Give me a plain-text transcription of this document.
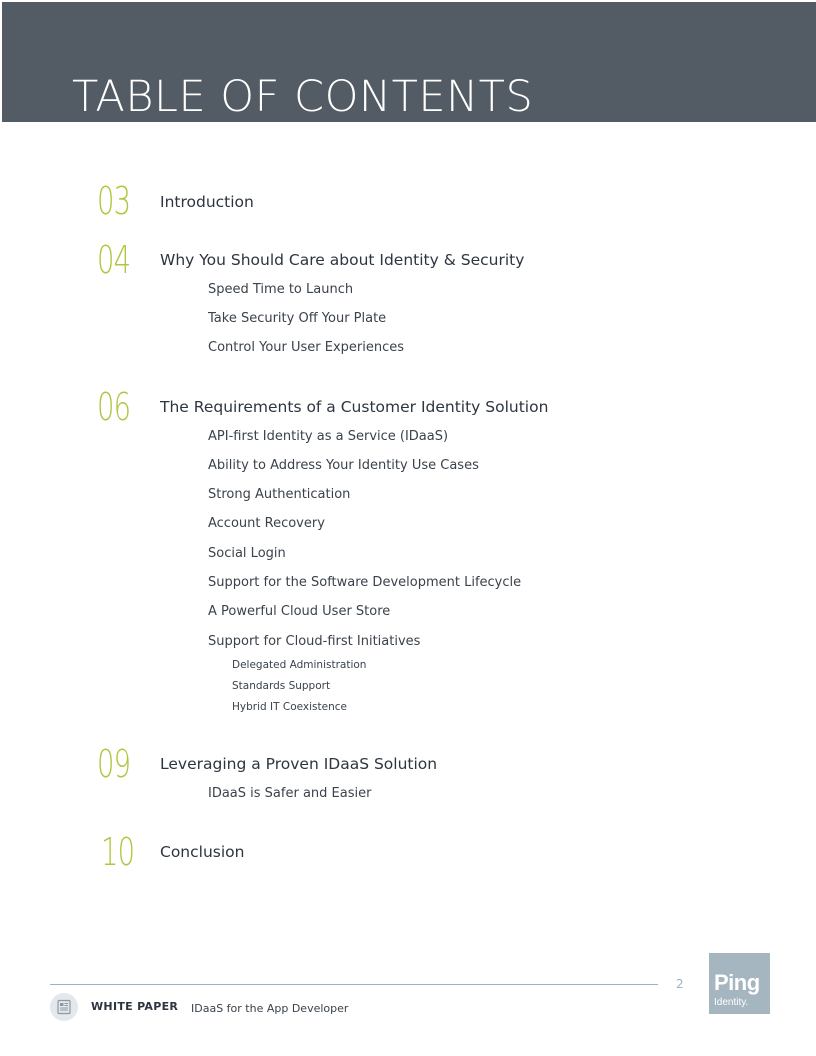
TABLE OF CONTENTS
03 Introduction
04 Why You Should Care about Identity & Security
Speed Time to Launch
Take Security Off Your Plate
Control Your User Experiences
06 The Requirements of a Customer Identity Solution
API-first Identity as a Service (IDaaS)
Ability to Address Your Identity Use Cases
Strong Authentication
Account Recovery
Social Login
Support for the Software Development Lifecycle
A Powerful Cloud User Store
Support for Cloud-first Initiatives
Delegated Administration
Standards Support
Hybrid IT Coexistence
09 Leveraging a Proven IDaaS Solution
IDaaS is Safer and Easier
10 Conclusion
2
WHITE PAPER IDaaS for the App Developer
Ping
Identity.
